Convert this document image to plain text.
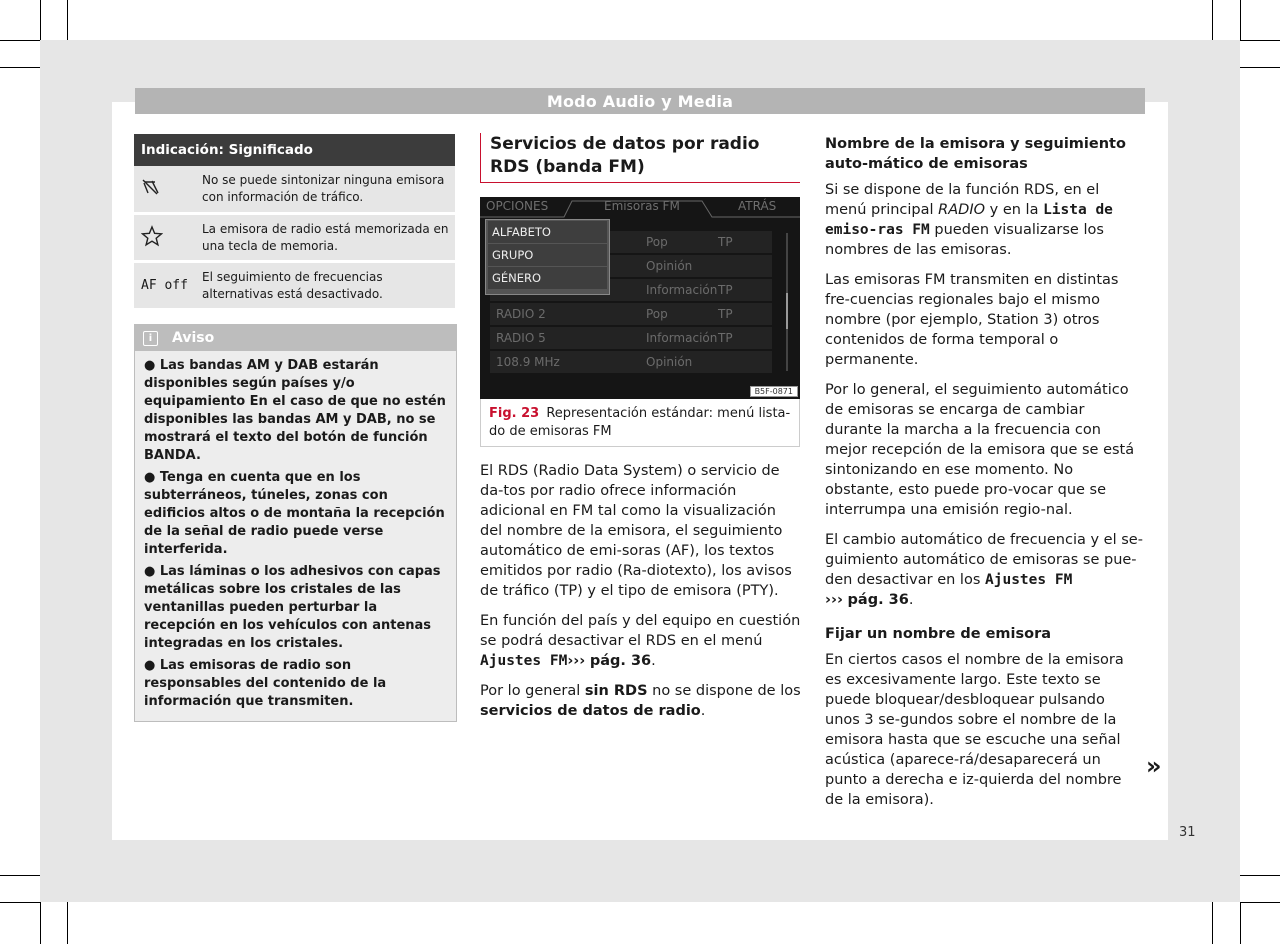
Modo Audio y Media
Indicación: Significado
No se puede sintonizar ninguna emisora con información de tráfico.
La emisora de radio está memorizada en una tecla de memoria.
AF off
El seguimiento de frecuencias alternativas está desactivado.
i	Aviso

● Las bandas AM y DAB estarán disponibles según países y/o equipamiento En el caso de que no estén disponibles las bandas AM y DAB, no se mostrará el texto del botón de función BANDA.

● Tenga en cuenta que en los subterráneos, túneles, zonas con edificios altos o de montaña la recepción de la señal de radio puede verse interferida.

● Las láminas o los adhesivos con capas metálicas sobre los cristales de las ventanillas pueden perturbar la recepción en los vehículos con antenas integradas en los cristales.

● Las emisoras de radio son responsables del contenido de la información que transmiten.

Servicios de datos por radio RDS (banda FM)
OPCIONES	Emisoras FM	ATRÁS
Pop	TP
Opinión
Información TP
RADIO 2	Pop	TP
RADIO 5	Información TP
108.9 MHz	Opinión
ALFABETO
GRUPO
GÉNERO
B5F-0871
Fig. 23 Representación estándar: menú lista-do de emisoras FM

El RDS (Radio Data System) o servicio de da-tos por radio ofrece información adicional en FM tal como la visualización del nombre de la emisora, el seguimiento automático de emi-soras (AF), los textos emitidos por radio (Ra-diotexto), los avisos de tráfico (TP) y el tipo de emisora (PTY).

En función del país y del equipo en cuestión se podrá desactivar el RDS en el menú Ajustes FM››› pág. 36.

Por lo general sin RDS no se dispone de los servicios de datos de radio.

Nombre de la emisora y seguimiento auto-mático de emisoras

Si se dispone de la función RDS, en el menú principal RADIO y en la Lista de emiso-ras FM pueden visualizarse los nombres de las emisoras.

Las emisoras FM transmiten en distintas fre-cuencias regionales bajo el mismo nombre (por ejemplo, Station 3) otros contenidos de forma temporal o permanente.

Por lo general, el seguimiento automático de emisoras se encarga de cambiar durante la marcha a la frecuencia con mejor recepción de la emisora que se está sintonizando en ese momento. No obstante, esto puede pro-vocar que se interrumpa una emisión regio-nal.

El cambio automático de frecuencia y el se-guimiento automático de emisoras se pue-den desactivar en los Ajustes FM
››› pág. 36.

Fijar un nombre de emisora

En ciertos casos el nombre de la emisora es excesivamente largo. Este texto se puede bloquear/desbloquear pulsando unos 3 se-gundos sobre el nombre de la emisora hasta que se escuche una señal acústica (aparece-rá/desaparecerá un punto a derecha e iz-quierda del nombre de la emisora).

»
31
